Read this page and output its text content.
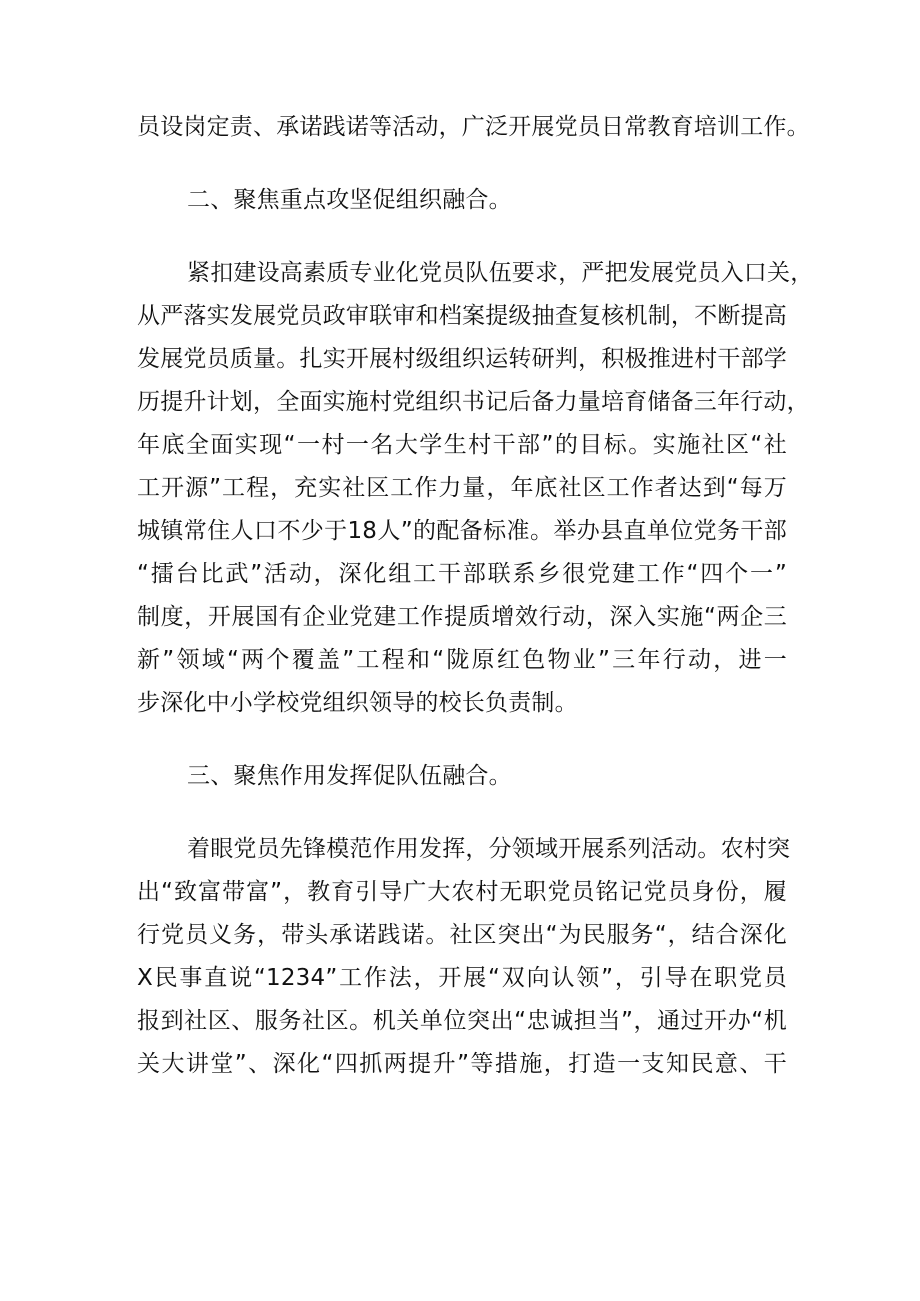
员设岗定责、承诺践诺等活动，广泛开展党员日常教育培训工作。
二、聚焦重点攻坚促组织融合。
紧扣建设高素质专业化党员队伍要求，严把发展党员入口关，
从严落实发展党员政审联审和档案提级抽查复核机制，不断提高
发展党员质量。扎实开展村级组织运转研判，积极推进村干部学
历提升计划，全面实施村党组织书记后备力量培育储备三年行动，
年底全面实现“一村一名大学生村干部”的目标。实施社区“社
工开源”工程，充实社区工作力量，年底社区工作者达到“每万
城镇常住人口不少于18人”的配备标准。举办县直单位党务干部
“擂台比武”活动，深化组工干部联系乡很党建工作“四个一”
制度，开展国有企业党建工作提质增效行动，深入实施“两企三
新”领域“两个覆盖”工程和“陇原红色物业”三年行动，进一
步深化中小学校党组织领导的校长负责制。
三、聚焦作用发挥促队伍融合。
着眼党员先锋模范作用发挥，分领域开展系列活动。农村突
出“致富带富”，教育引导广大农村无职党员铭记党员身份，履
行党员义务，带头承诺践诺。社区突出“为民服务“，结合深化
X民事直说“1234”工作法，开展“双向认领”，引导在职党员
报到社区、服务社区。机关单位突出“忠诚担当”，通过开办“机
关大讲堂”、深化“四抓两提升”等措施，打造一支知民意、干
